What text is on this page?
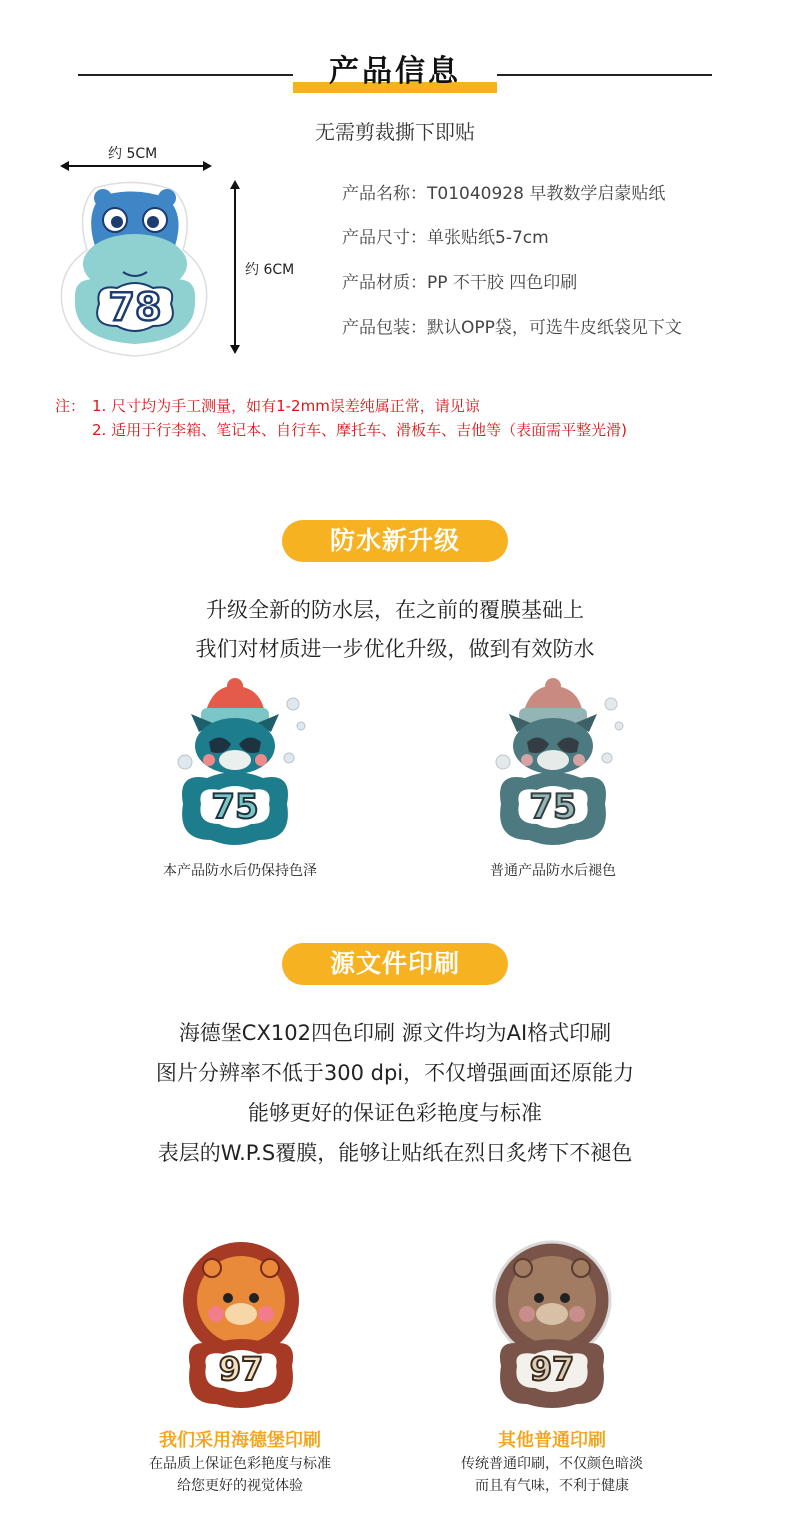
产品信息
无需剪裁撕下即贴
约 5CM
约 6CM
78
产品名称：T01040928 早教数学启蒙贴纸
产品尺寸：单张贴纸5-7cm
产品材质：PP 不干胶 四色印刷
产品包装：默认OPP袋，可选牛皮纸袋见下文
注： 1. 尺寸均为手工测量，如有1-2mm误差纯属正常，请见谅
2. 适用于行李箱、笔记本、自行车、摩托车、滑板车、吉他等（表面需平整光滑)
防水新升级
升级全新的防水层，在之前的覆膜基础上
我们对材质进一步优化升级，做到有效防水
75
本产品防水后仍保持色泽
75
普通产品防水后褪色
源文件印刷
海德堡CX102四色印刷 源文件均为AI格式印刷
图片分辨率不低于300 dpi，不仅增强画面还原能力
能够更好的保证色彩艳度与标准
表层的W.P.S覆膜，能够让贴纸在烈日炙烤下不褪色
97
我们采用海德堡印刷
在品质上保证色彩艳度与标准
给您更好的视觉体验
97
其他普通印刷
传统普通印刷，不仅颜色暗淡
而且有气味，不利于健康
